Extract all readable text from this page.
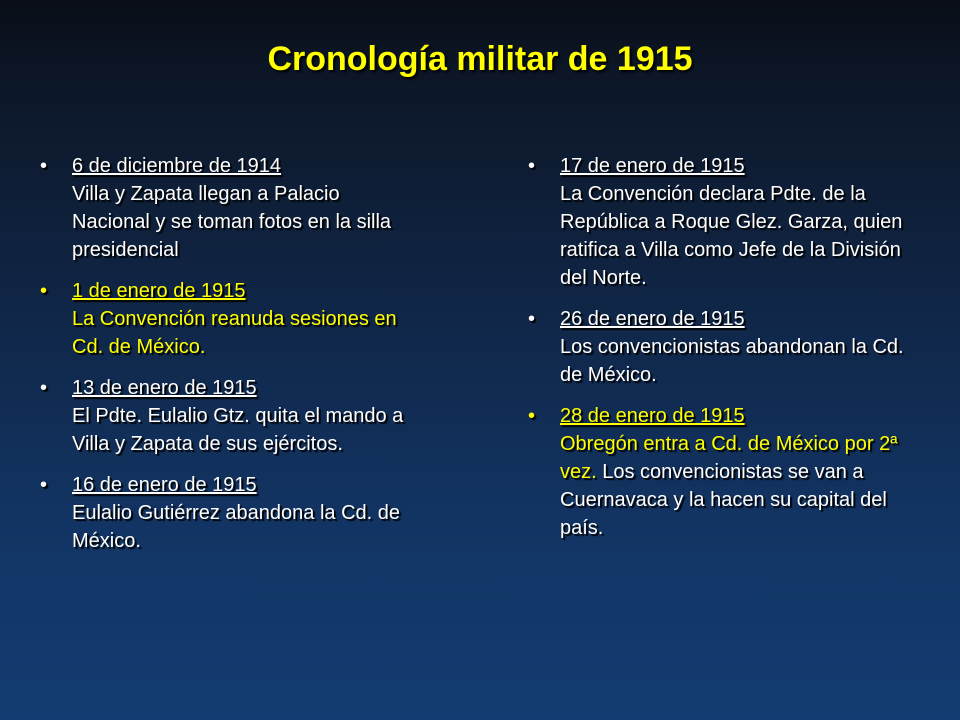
Cronología militar de 1915
• 6 de diciembre de 1914
Villa y Zapata llegan a Palacio Nacional y se toman fotos en la silla presidencial
• 1 de enero de 1915
La Convención reanuda sesiones en Cd. de México.
• 13 de enero de 1915
El Pdte. Eulalio Gtz. quita el mando a Villa y Zapata de sus ejércitos.
• 16 de enero de 1915
Eulalio Gutiérrez abandona la Cd. de México.
• 17 de enero de 1915
La Convención declara Pdte. de la República a Roque Glez. Garza, quien ratifica a Villa como Jefe de la División del Norte.
• 26 de enero de 1915
Los convencionistas abandonan la Cd. de México.
• 28 de enero de 1915
Obregón entra a Cd. de México por 2ª vez. Los convencionistas se van a Cuernavaca y la hacen su capital del país.
